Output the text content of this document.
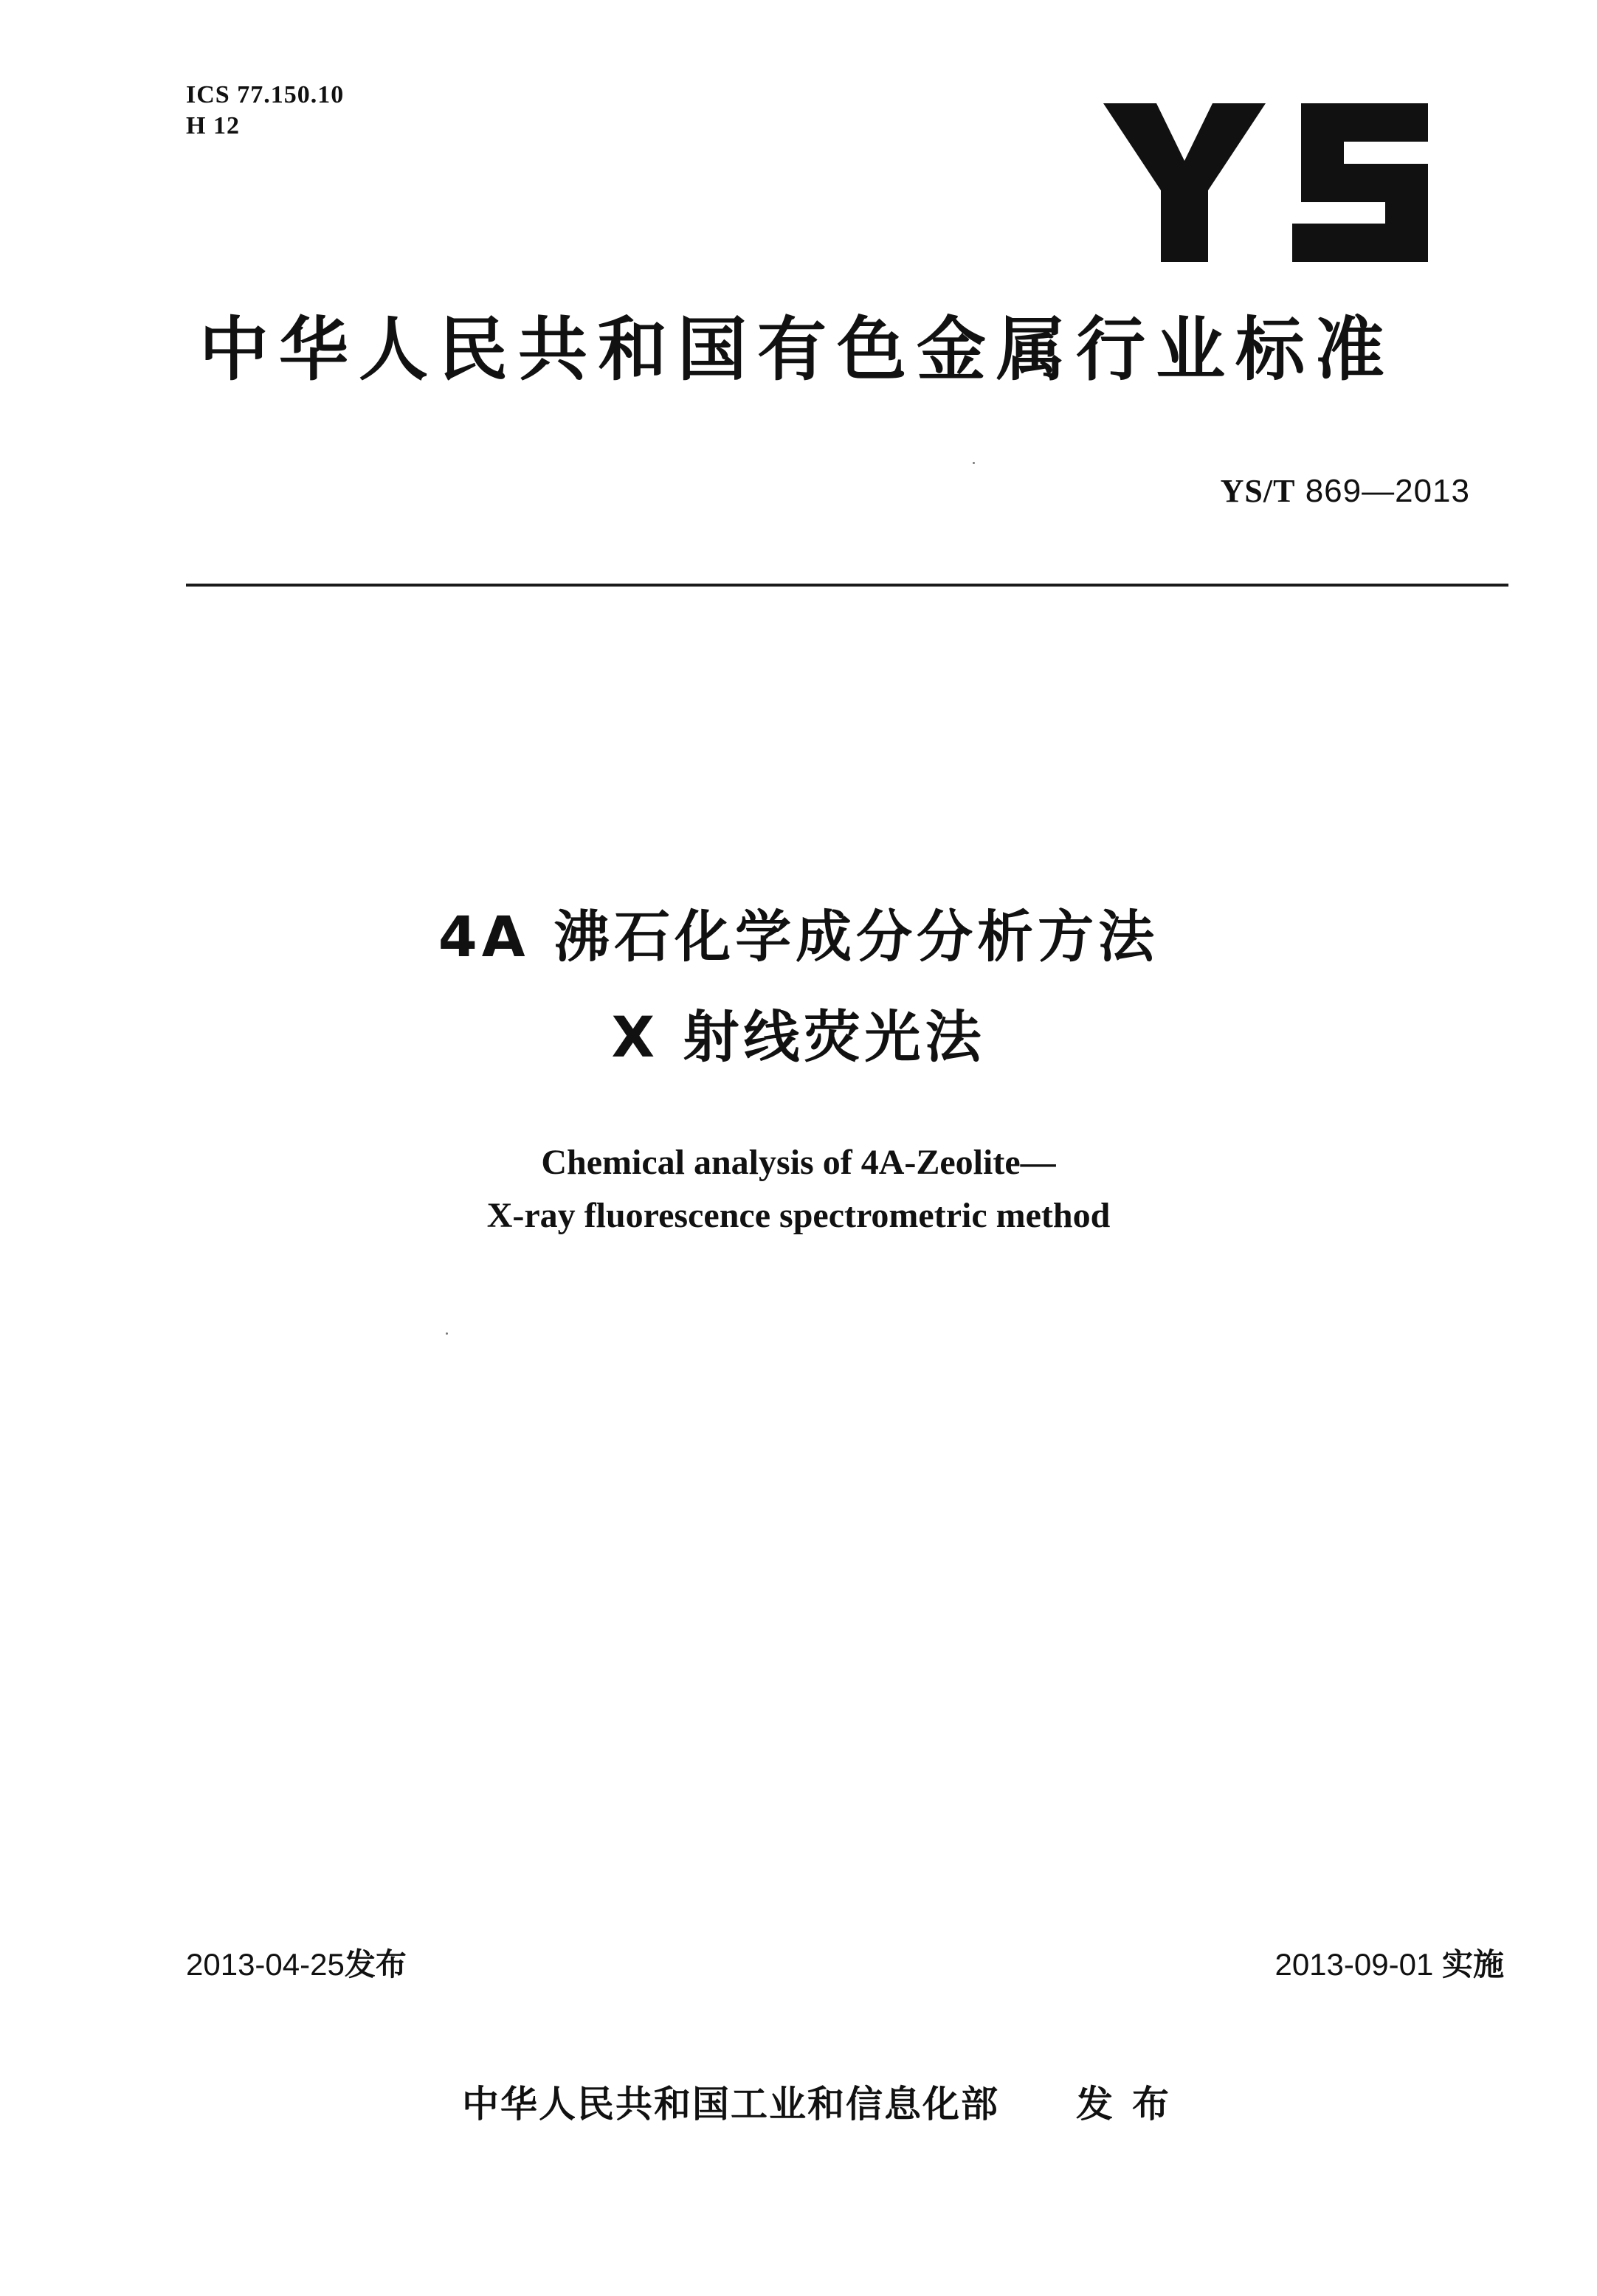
ICS 77.150.10
H 12
中华人民共和国有色金属行业标准
YS/T 869—2013
4A 沸石化学成分分析方法
X 射线荧光法
Chemical analysis of 4A-Zeolite—
X-ray fluorescence spectrometric method
2013-04-25发布	2013-09-01 实施
中华人民共和国工业和信息化部 发布
